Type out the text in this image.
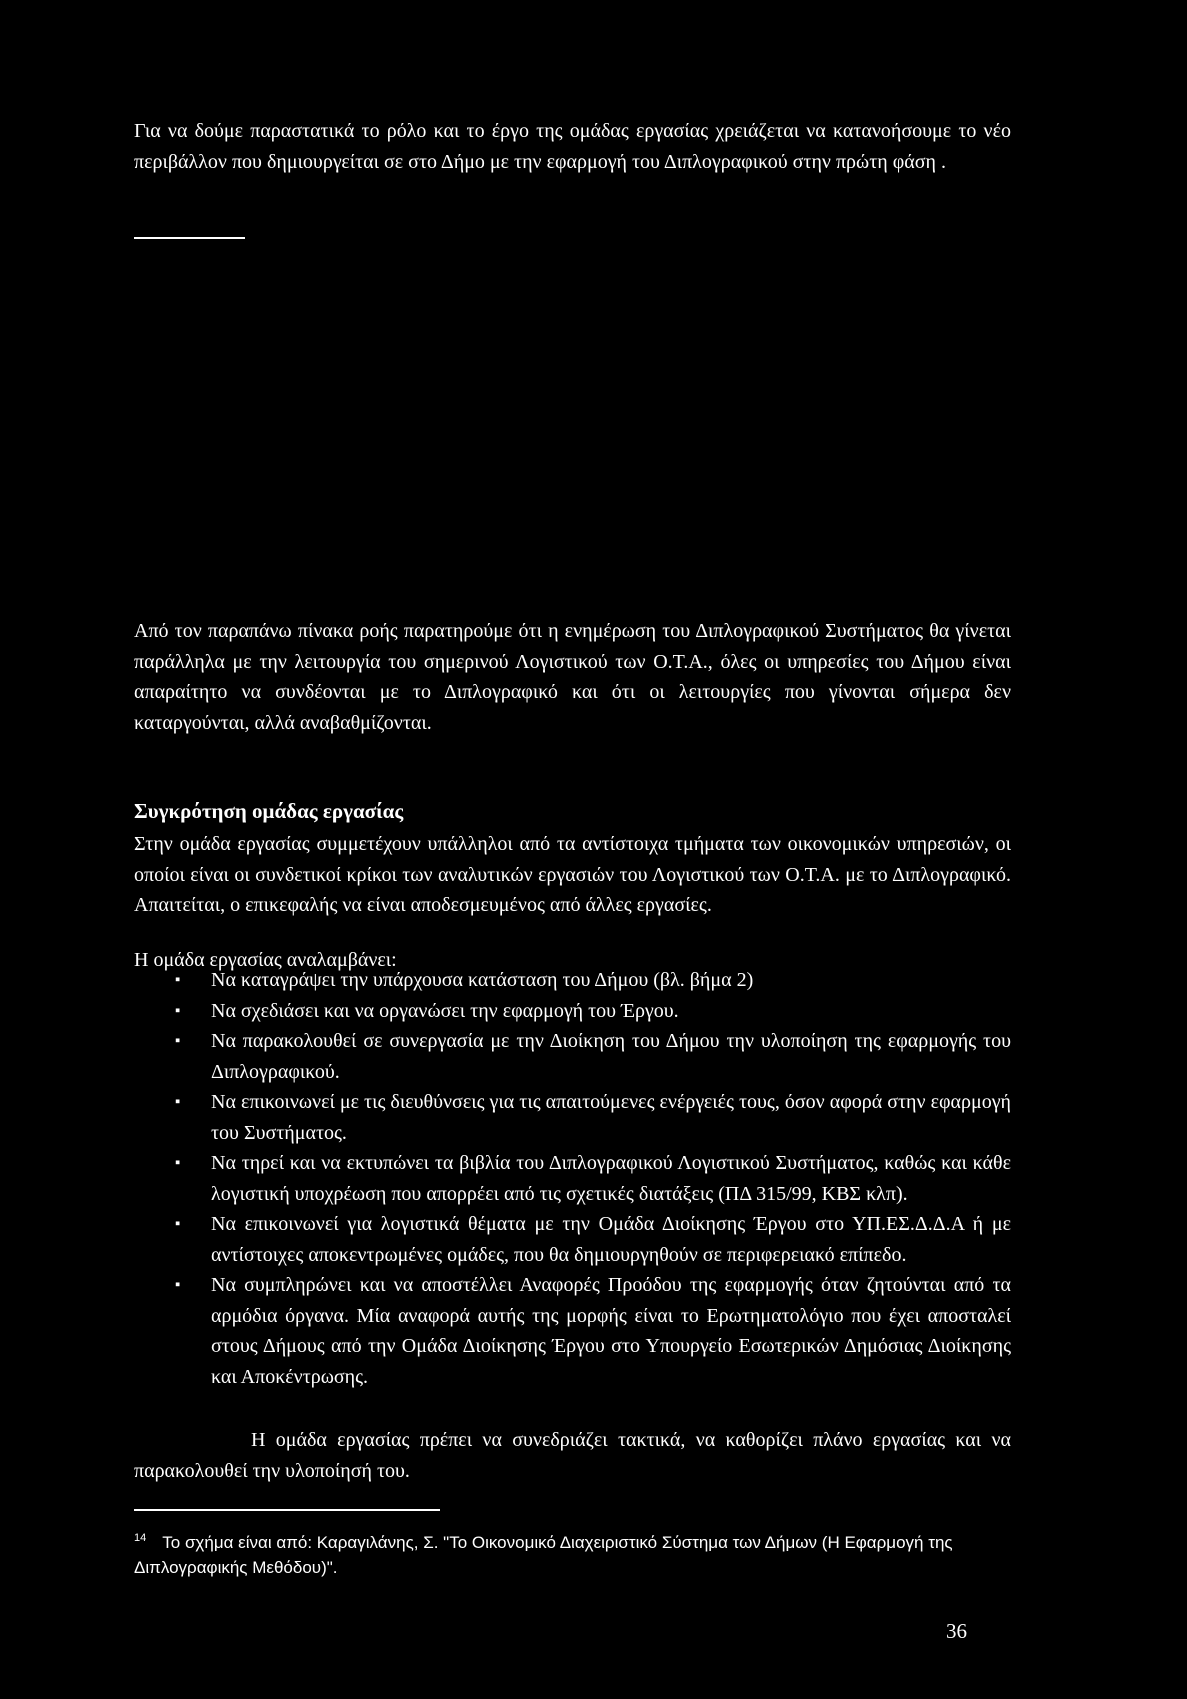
Για να δούμε παραστατικά το ρόλο και το έργο της ομάδας εργασίας χρειάζεται να κατανοήσουμε το νέο περιβάλλον που δημιουργείται σε στο Δήμο με την εφαρμογή του Διπλογραφικού στην πρώτη φάση .
Από τον παραπάνω πίνακα ροής παρατηρούμε ότι η ενημέρωση του Διπλογραφικού Συστήματος θα γίνεται παράλληλα με την λειτουργία του σημερινού Λογιστικού των Ο.Τ.Α., όλες οι υπηρεσίες του Δήμου είναι απαραίτητο να συνδέονται με το Διπλογραφικό και ότι οι λειτουργίες που γίνονται σήμερα δεν καταργούνται, αλλά αναβαθμίζονται.
Συγκρότηση ομάδας εργασίας
Στην ομάδα εργασίας συμμετέχουν υπάλληλοι από τα αντίστοιχα τμήματα των οικονομικών υπηρεσιών, οι οποίοι είναι οι συνδετικοί κρίκοι των αναλυτικών εργασιών του Λογιστικού των Ο.Τ.Α. με το Διπλογραφικό. Απαιτείται, ο επικεφαλής να είναι αποδεσμευμένος από άλλες εργασίες.
Η ομάδα εργασίας αναλαμβάνει:
▪ Να καταγράψει την υπάρχουσα κατάσταση του Δήμου (βλ. βήμα 2)
▪ Να σχεδιάσει και να οργανώσει την εφαρμογή του Έργου.
▪ Να παρακολουθεί σε συνεργασία με την Διοίκηση του Δήμου την υλοποίηση της εφαρμογής του Διπλογραφικού.
▪ Να επικοινωνεί με τις διευθύνσεις για τις απαιτούμενες ενέργειές τους, όσον αφορά στην εφαρμογή του Συστήματος.
▪ Να τηρεί και να εκτυπώνει τα βιβλία του Διπλογραφικού Λογιστικού Συστήματος, καθώς και κάθε λογιστική υποχρέωση που απορρέει από τις σχετικές διατάξεις (ΠΔ 315/99, ΚΒΣ κλπ).
▪ Να επικοινωνεί για λογιστικά θέματα με την Ομάδα Διοίκησης Έργου στο ΥΠ.ΕΣ.Δ.Δ.Α ή με αντίστοιχες αποκεντρωμένες ομάδες, που θα δημιουργηθούν σε περιφερειακό επίπεδο.
▪ Να συμπληρώνει και να αποστέλλει Αναφορές Προόδου της εφαρμογής όταν ζητούνται από τα αρμόδια όργανα. Μία αναφορά αυτής της μορφής είναι το Ερωτηματολόγιο που έχει αποσταλεί στους Δήμους από την Ομάδα Διοίκησης Έργου στο Υπουργείο Εσωτερικών Δημόσιας Διοίκησης και Αποκέντρωσης.
Η ομάδα εργασίας πρέπει να συνεδριάζει τακτικά, να καθορίζει πλάνο εργασίας και να παρακολουθεί την υλοποίησή του.
$^{14}$ Το σχήμα είναι από: Καραγιλάνης, Σ. "Το Οικονομικό Διαχειριστικό Σύστημα των Δήμων (Η Εφαρμογή της Διπλογραφικής Μεθόδου)".
36
